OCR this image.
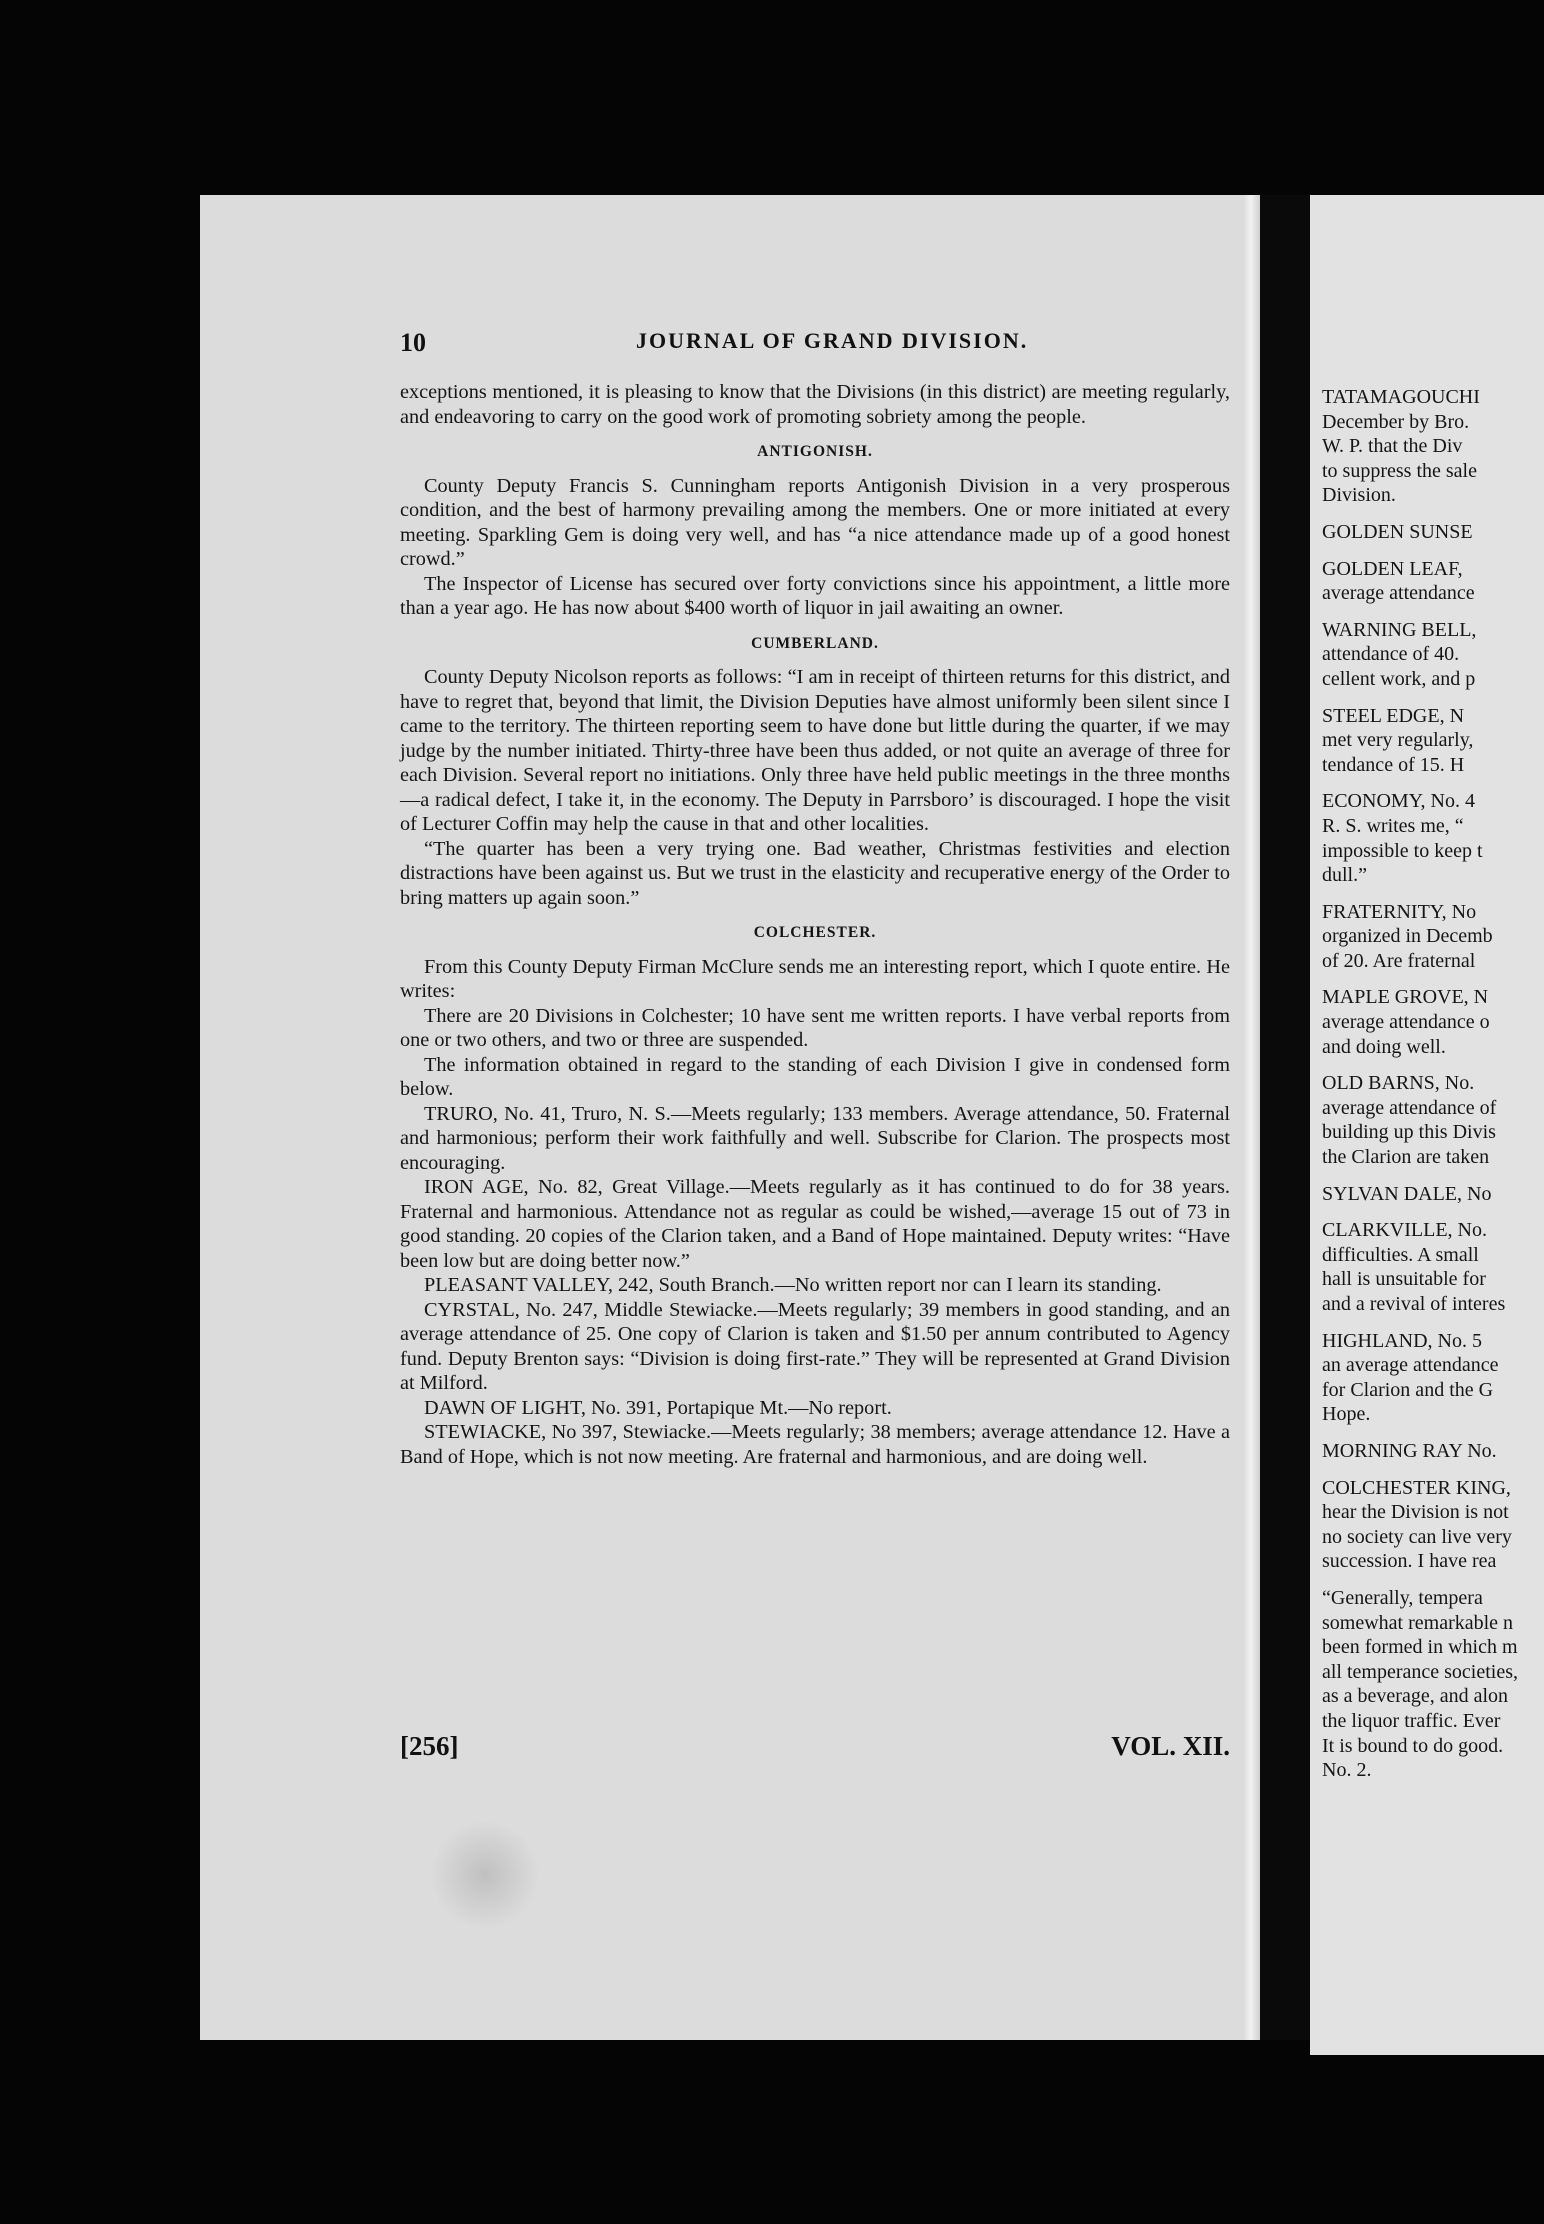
10	JOURNAL OF GRAND DIVISION.

exceptions mentioned, it is pleasing to know that the Divisions (in this district) are meeting regularly, and endeavoring to carry on the good work of promoting sobriety among the people.

ANTIGONISH.

County Deputy Francis S. Cunningham reports Antigonish Division in a very prosperous condition, and the best of harmony prevailing among the members. One or more initiated at every meeting. Sparkling Gem is doing very well, and has “a nice attendance made up of a good honest crowd.”

The Inspector of License has secured over forty convictions since his appointment, a little more than a year ago. He has now about $400 worth of liquor in jail awaiting an owner.

CUMBERLAND.

County Deputy Nicolson reports as follows: “I am in receipt of thirteen returns for this district, and have to regret that, beyond that limit, the Division Deputies have almost uniformly been silent since I came to the territory. The thirteen reporting seem to have done but little during the quarter, if we may judge by the number initiated. Thirty-three have been thus added, or not quite an average of three for each Division. Several report no initiations. Only three have held public meetings in the three months—a radical defect, I take it, in the economy. The Deputy in Parrsboro’ is discouraged. I hope the visit of Lecturer Coffin may help the cause in that and other localities.

“The quarter has been a very trying one. Bad weather, Christmas festivities and election distractions have been against us. But we trust in the elasticity and recuperative energy of the Order to bring matters up again soon.”

COLCHESTER.

From this County Deputy Firman McClure sends me an interesting report, which I quote entire. He writes:

There are 20 Divisions in Colchester; 10 have sent me written reports. I have verbal reports from one or two others, and two or three are suspended.

The information obtained in regard to the standing of each Division I give in condensed form below.

TRURO, No. 41, Truro, N. S.—Meets regularly; 133 members. Average attendance, 50. Fraternal and harmonious; perform their work faithfully and well. Subscribe for Clarion. The prospects most encouraging.

IRON AGE, No. 82, Great Village.—Meets regularly as it has continued to do for 38 years. Fraternal and harmonious. Attendance not as regular as could be wished,—average 15 out of 73 in good standing. 20 copies of the Clarion taken, and a Band of Hope maintained. Deputy writes: “Have been low but are doing better now.”

PLEASANT VALLEY, 242, South Branch.—No written report nor can I learn its standing.

CYRSTAL, No. 247, Middle Stewiacke.—Meets regularly; 39 members in good standing, and an average attendance of 25. One copy of Clarion is taken and $1.50 per annum contributed to Agency fund. Deputy Brenton says: “Division is doing first-rate.” They will be represented at Grand Division at Milford.

DAWN OF LIGHT, No. 391, Portapique Mt.—No report.

STEWIACKE, No 397, Stewiacke.—Meets regularly; 38 members; average attendance 12. Have a Band of Hope, which is not now meeting. Are fraternal and harmonious, and are doing well.

[256]	VOL. XII.
TATAMAGOUCHI
December by Bro.
W. P. that the Div
to suppress the sale
Division.
GOLDEN SUNSE
GOLDEN LEAF,
average attendance
WARNING BELL,
attendance of 40.
cellent work, and p
STEEL EDGE, N
met very regularly,
tendance of 15. H
ECONOMY, No. 4
R. S. writes me, “
impossible to keep t
dull.”
FRATERNITY, No
organized in Decemb
of 20. Are fraternal
MAPLE GROVE, N
average attendance o
and doing well.
OLD BARNS, No.
average attendance of
building up this Divis
the Clarion are taken
SYLVAN DALE, No
CLARKVILLE, No.
difficulties. A small
hall is unsuitable for
and a revival of interes
HIGHLAND, No. 5
an average attendance
for Clarion and the G
Hope.
MORNING RAY No.
COLCHESTER KING,
hear the Division is not
no society can live very
succession. I have rea
“Generally, tempera
somewhat remarkable n
been formed in which m
all temperance societies,
as a beverage, and alon
the liquor traffic. Ever
It is bound to do good.
No. 2.
